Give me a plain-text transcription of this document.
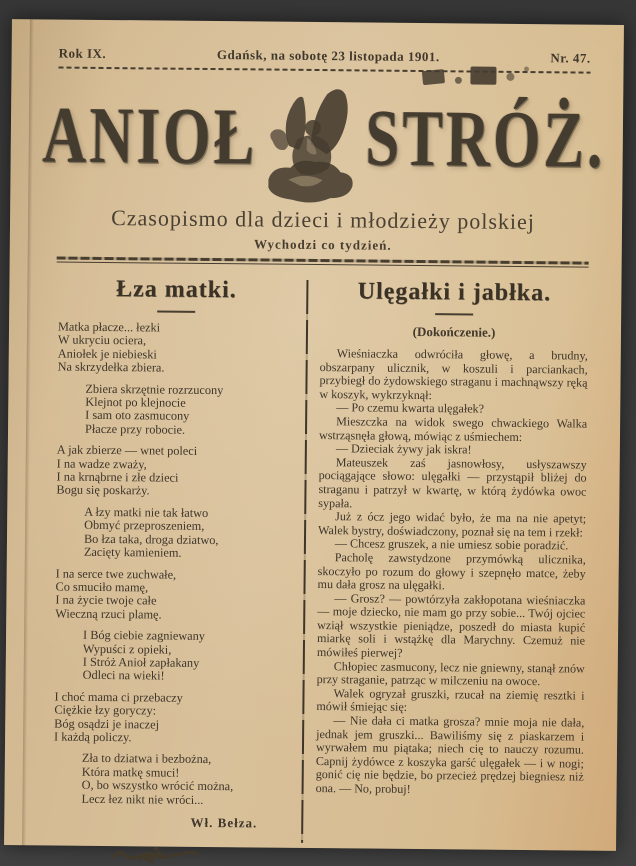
Rok IX.	Gdańsk, na sobotę 23 listopada 1901.	Nr. 47.
ANIOŁ STRÓŻ.
Czasopismo dla dzieci i młodzieży polskiej
Wychodzi co tydzień.
Łza matki.
Matka płacze... łezki
W ukryciu ociera,
Aniołek je niebieski
Na skrzydełka zbiera.
Zbiera skrzętnie rozrzucony
Klejnot po klejnocie
I sam oto zasmucony
Płacze przy robocie.
A jak zbierze — wnet poleci
I na wadze zważy,
I na krnąbrne i złe dzieci
Bogu się poskarży.
A łzy matki nie tak łatwo
Obmyć przeproszeniem,
Bo łza taka, droga dziatwo,
Zacięty kamieniem.
I na serce twe zuchwałe,
Co smuciło mamę,
I na życie twoje całe
Wieczną rzuci plamę.
I Bóg ciebie zagniewany
Wypuści z opieki,
I Stróż Anioł zapłakany
Odleci na wieki!
I choć mama ci przebaczy
Ciężkie łzy goryczy:
Bóg osądzi je inaczej
I każdą policzy.
Zła to dziatwa i bezbożna,
Która matkę smuci!
O, bo wszystko wrócić można,
Lecz łez nikt nie wróci...
Wł. Bełza.
Ulęgałki i jabłka.
(Dokończenie.)

Wieśniaczka odwróciła głowę, a brudny, obszarpany ulicznik, w koszuli i parciankach, przybiegł do żydowskiego straganu i machnąwszy ręką w koszyk, wykrzyknął:

— Po czemu kwarta ulęgałek?

Mieszczka na widok swego chwackiego Walka wstrząsnęła głową, mówiąc z uśmiechem:

— Dzieciak żywy jak iskra!

Mateuszek zaś jasnowłosy, usłyszawszy pociągające słowo: ulęgałki — przystąpił bliżej do straganu i patrzył w kwartę, w którą żydówka owoc sypała.

Już z ócz jego widać było, że ma na nie apetyt; Walek bystry, doświadczony, poznał się na tem i rzekł:

— Chcesz gruszek, a nie umiesz sobie poradzić.

Pacholę zawstydzone przymówką ulicznika, skoczyło po rozum do głowy i szepnęło matce, żeby mu dała grosz na ulęgałki.

— Grosz? — powtórzyła zakłopotana wieśniaczka — moje dziecko, nie mam go przy sobie... Twój ojciec wziął wszystkie pieniądze, poszedł do miasta kupić miarkę soli i wstążkę dla Marychny. Czemuż nie mówiłeś pierwej?

Chłopiec zasmucony, lecz nie gniewny, stanął znów przy straganie, patrząc w milczeniu na owoce.

Walek ogryzał gruszki, rzucał na ziemię resztki i mówił śmiejąc się:

— Nie dała ci matka grosza? mnie moja nie dała, jednak jem gruszki... Bawiliśmy się z piaskarzem i wyrwałem mu piątaka; niech cię to nauczy rozumu. Capnij żydówce z koszyka garść ulęgałek — i w nogi; gonić cię nie będzie, bo przecież prędzej biegniesz niż ona. — No, probuj!
